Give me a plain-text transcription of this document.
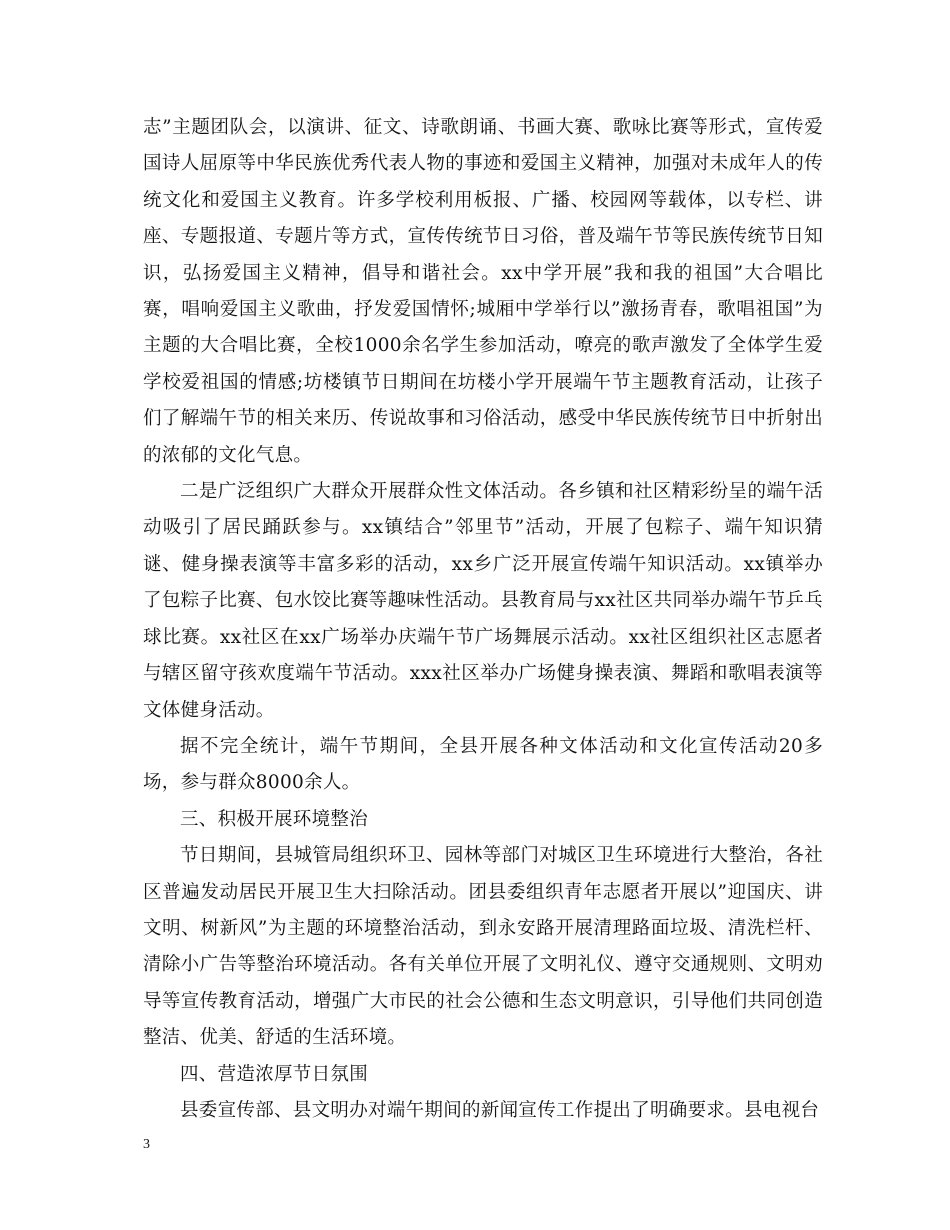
志”主题团队会，以演讲、征文、诗歌朗诵、书画大赛、歌咏比赛等形式，宣传爱国诗人屈原等中华民族优秀代表人物的事迹和爱国主义精神，加强对未成年人的传统文化和爱国主义教育。许多学校利用板报、广播、校园网等载体，以专栏、讲座、专题报道、专题片等方式，宣传传统节日习俗，普及端午节等民族传统节日知识，弘扬爱国主义精神，倡导和谐社会。xx中学开展”我和我的祖国”大合唱比赛，唱响爱国主义歌曲，抒发爱国情怀;城厢中学举行以”激扬青春，歌唱祖国”为主题的大合唱比赛，全校1000余名学生参加活动，嘹亮的歌声激发了全体学生爱学校爱祖国的情感;坊楼镇节日期间在坊楼小学开展端午节主题教育活动，让孩子们了解端午节的相关来历、传说故事和习俗活动，感受中华民族传统节日中折射出的浓郁的文化气息。

二是广泛组织广大群众开展群众性文体活动。各乡镇和社区精彩纷呈的端午活动吸引了居民踊跃参与。xx镇结合”邻里节”活动，开展了包粽子、端午知识猜谜、健身操表演等丰富多彩的活动，xx乡广泛开展宣传端午知识活动。xx镇举办了包粽子比赛、包水饺比赛等趣味性活动。县教育局与xx社区共同举办端午节乒乓球比赛。xx社区在xx广场举办庆端午节广场舞展示活动。xx社区组织社区志愿者与辖区留守孩欢度端午节活动。xxx社区举办广场健身操表演、舞蹈和歌唱表演等文体健身活动。

据不完全统计，端午节期间，全县开展各种文体活动和文化宣传活动20多场，参与群众8000余人。

三、积极开展环境整治

节日期间，县城管局组织环卫、园林等部门对城区卫生环境进行大整治，各社区普遍发动居民开展卫生大扫除活动。团县委组织青年志愿者开展以”迎国庆、讲文明、树新风”为主题的环境整治活动，到永安路开展清理路面垃圾、清洗栏杆、清除小广告等整治环境活动。各有关单位开展了文明礼仪、遵守交通规则、文明劝导等宣传教育活动，增强广大市民的社会公德和生态文明意识，引导他们共同创造整洁、优美、舒适的生活环境。

四、营造浓厚节日氛围

县委宣传部、县文明办对端午期间的新闻宣传工作提出了明确要求。县电视台

3
